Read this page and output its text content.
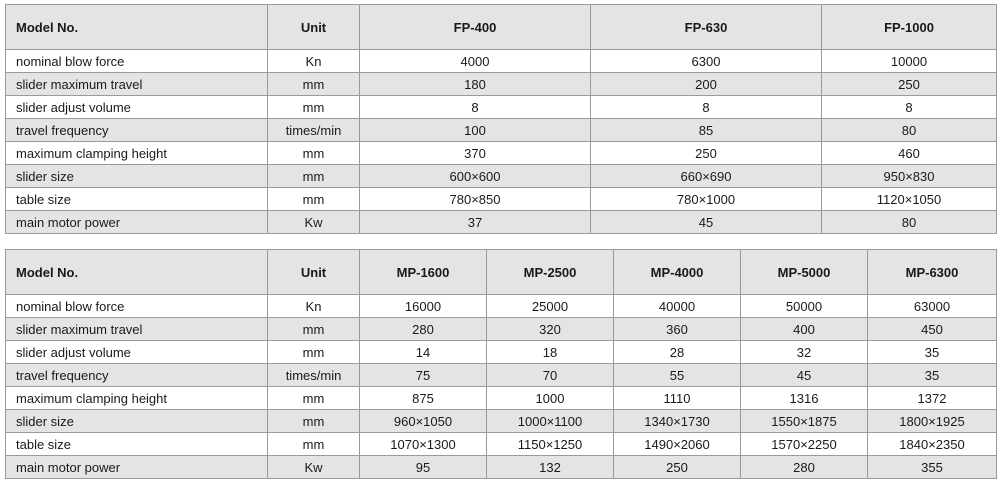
Model No.	Unit	FP-400	FP-630	FP-1000
nominal blow force	Kn	4000	6300	10000
slider maximum travel	mm	180	200	250
slider adjust volume	mm	8	8	8
travel frequency	times/min	100	85	80
maximum clamping height	mm	370	250	460
slider size	mm	600×600	660×690	950×830
table size	mm	780×850	780×1000	1120×1050
main motor power	Kw	37	45	80
Model No.	Unit	MP-1600	MP-2500	MP-4000	MP-5000	MP-6300
nominal blow force	Kn	16000	25000	40000	50000	63000
slider maximum travel	mm	280	320	360	400	450
slider adjust volume	mm	14	18	28	32	35
travel frequency	times/min	75	70	55	45	35
maximum clamping height	mm	875	1000	1110	1316	1372
slider size	mm	960×1050	1000×1100	1340×1730	1550×1875	1800×1925
table size	mm	1070×1300	1150×1250	1490×2060	1570×2250	1840×2350
main motor power	Kw	95	132	250	280	355
